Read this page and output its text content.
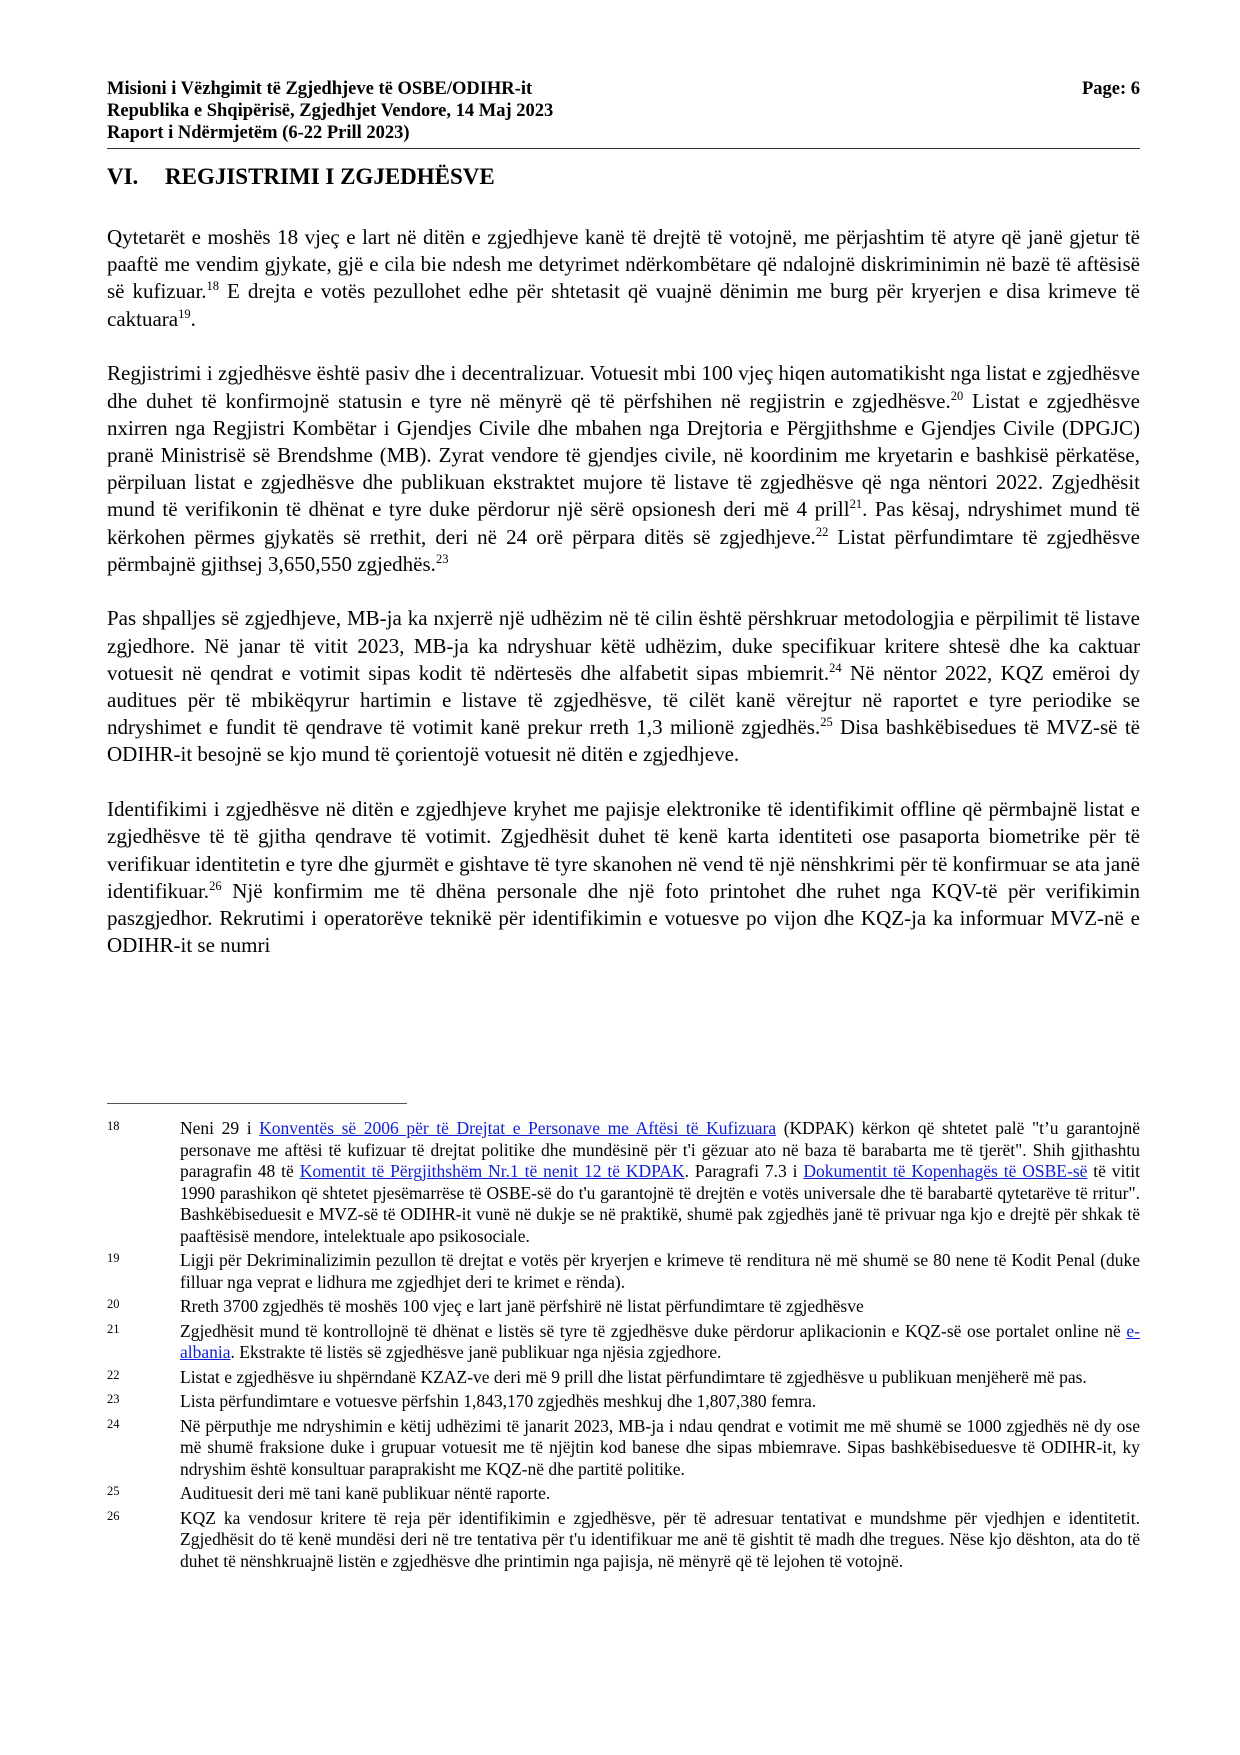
Misioni i Vëzhgimit të Zgjedhjeve të OSBE/ODIHR-it
Republika e Shqipërisë, Zgjedhjet Vendore, 14 Maj 2023
Raport i Ndërmjetëm (6-22 Prill 2023)
Page: 6
VI. REGJISTRIMI I ZGJEDHËSVE

Qytetarët e moshës 18 vjeç e lart në ditën e zgjedhjeve kanë të drejtë të votojnë, me përjashtim të atyre që janë gjetur të paaftë me vendim gjykate, gjë e cila bie ndesh me detyrimet ndërkombëtare që ndalojnë diskriminimin në bazë të aftësisë së kufizuar.$^{18}$ E drejta e votës pezullohet edhe për shtetasit që vuajnë dënimin me burg për kryerjen e disa krimeve të caktuara$^{19}$.

Regjistrimi i zgjedhësve është pasiv dhe i decentralizuar. Votuesit mbi 100 vjeç hiqen automatikisht nga listat e zgjedhësve dhe duhet të konfirmojnë statusin e tyre në mënyrë që të përfshihen në regjistrin e zgjedhësve.$^{20}$ Listat e zgjedhësve nxirren nga Regjistri Kombëtar i Gjendjes Civile dhe mbahen nga Drejtoria e Përgjithshme e Gjendjes Civile (DPGJC) pranë Ministrisë së Brendshme (MB). Zyrat vendore të gjendjes civile, në koordinim me kryetarin e bashkisë përkatëse, përpiluan listat e zgjedhësve dhe publikuan ekstraktet mujore të listave të zgjedhësve që nga nëntori 2022. Zgjedhësit mund të verifikonin të dhënat e tyre duke përdorur një sërë opsionesh deri më 4 prill$^{21}$. Pas kësaj, ndryshimet mund të kërkohen përmes gjykatës së rrethit, deri në 24 orë përpara ditës së zgjedhjeve.$^{22}$ Listat përfundimtare të zgjedhësve përmbajnë gjithsej 3,650,550 zgjedhës.$^{23}$

Pas shpalljes së zgjedhjeve, MB-ja ka nxjerrë një udhëzim në të cilin është përshkruar metodologjia e përpilimit të listave zgjedhore. Në janar të vitit 2023, MB-ja ka ndryshuar këtë udhëzim, duke specifikuar kritere shtesë dhe ka caktuar votuesit në qendrat e votimit sipas kodit të ndërtesës dhe alfabetit sipas mbiemrit.$^{24}$ Në nëntor 2022, KQZ emëroi dy auditues për të mbikëqyrur hartimin e listave të zgjedhësve, të cilët kanë vërejtur në raportet e tyre periodike se ndryshimet e fundit të qendrave të votimit kanë prekur rreth 1,3 milionë zgjedhës.$^{25}$ Disa bashkëbisedues të MVZ-së të ODIHR-it besojnë se kjo mund të çorientojë votuesit në ditën e zgjedhjeve.

Identifikimi i zgjedhësve në ditën e zgjedhjeve kryhet me pajisje elektronike të identifikimit offline që përmbajnë listat e zgjedhësve të të gjitha qendrave të votimit. Zgjedhësit duhet të kenë karta identiteti ose pasaporta biometrike për të verifikuar identitetin e tyre dhe gjurmët e gishtave të tyre skanohen në vend të një nënshkrimi për të konfirmuar se ata janë identifikuar.$^{26}$ Një konfirmim me të dhëna personale dhe një foto printohet dhe ruhet nga KQV-të për verifikimin paszgjedhor. Rekrutimi i operatorëve teknikë për identifikimin e votuesve po vijon dhe KQZ-ja ka informuar MVZ-në e ODIHR-it se numri

18	Neni 29 i Konventës së 2006 për të Drejtat e Personave me Aftësi të Kufizuara (KDPAK) kërkon që shtetet palë "t’u garantojnë personave me aftësi të kufizuar të drejtat politike dhe mundësinë për t'i gëzuar ato në baza të barabarta me të tjerët". Shih gjithashtu paragrafin 48 të Komentit të Përgjithshëm Nr.1 të nenit 12 të KDPAK. Paragrafi 7.3 i Dokumentit të Kopenhagës të OSBE-së të vitit 1990 parashikon që shtetet pjesëmarrëse të OSBE-së do t'u garantojnë të drejtën e votës universale dhe të barabartë qytetarëve të rritur". Bashkëbiseduesit e MVZ-së të ODIHR-it vunë në dukje se në praktikë, shumë pak zgjedhës janë të privuar nga kjo e drejtë për shkak të paaftësisë mendore, intelektuale apo psikosociale.
19	Ligji për Dekriminalizimin pezullon të drejtat e votës për kryerjen e krimeve të renditura në më shumë se 80 nene të Kodit Penal (duke filluar nga veprat e lidhura me zgjedhjet deri te krimet e rënda).
20	Rreth 3700 zgjedhës të moshës 100 vjeç e lart janë përfshirë në listat përfundimtare të zgjedhësve
21	Zgjedhësit mund të kontrollojnë të dhënat e listës së tyre të zgjedhësve duke përdorur aplikacionin e KQZ-së ose portalet online në e-albania. Ekstrakte të listës së zgjedhësve janë publikuar nga njësia zgjedhore.
22	Listat e zgjedhësve iu shpërndanë KZAZ-ve deri më 9 prill dhe listat përfundimtare të zgjedhësve u publikuan menjëherë më pas.
23	Lista përfundimtare e votuesve përfshin 1,843,170 zgjedhës meshkuj dhe 1,807,380 femra.
24	Në përputhje me ndryshimin e këtij udhëzimi të janarit 2023, MB-ja i ndau qendrat e votimit me më shumë se 1000 zgjedhës në dy ose më shumë fraksione duke i grupuar votuesit me të njëjtin kod banese dhe sipas mbiemrave. Sipas bashkëbiseduesve të ODIHR-it, ky ndryshim është konsultuar paraprakisht me KQZ-në dhe partitë politike.
25	Audituesit deri më tani kanë publikuar nëntë raporte.
26	KQZ ka vendosur kritere të reja për identifikimin e zgjedhësve, për të adresuar tentativat e mundshme për vjedhjen e identitetit. Zgjedhësit do të kenë mundësi deri në tre tentativa për t'u identifikuar me anë të gishtit të madh dhe tregues. Nëse kjo dështon, ata do të duhet të nënshkruajnë listën e zgjedhësve dhe printimin nga pajisja, në mënyrë që të lejohen të votojnë.
